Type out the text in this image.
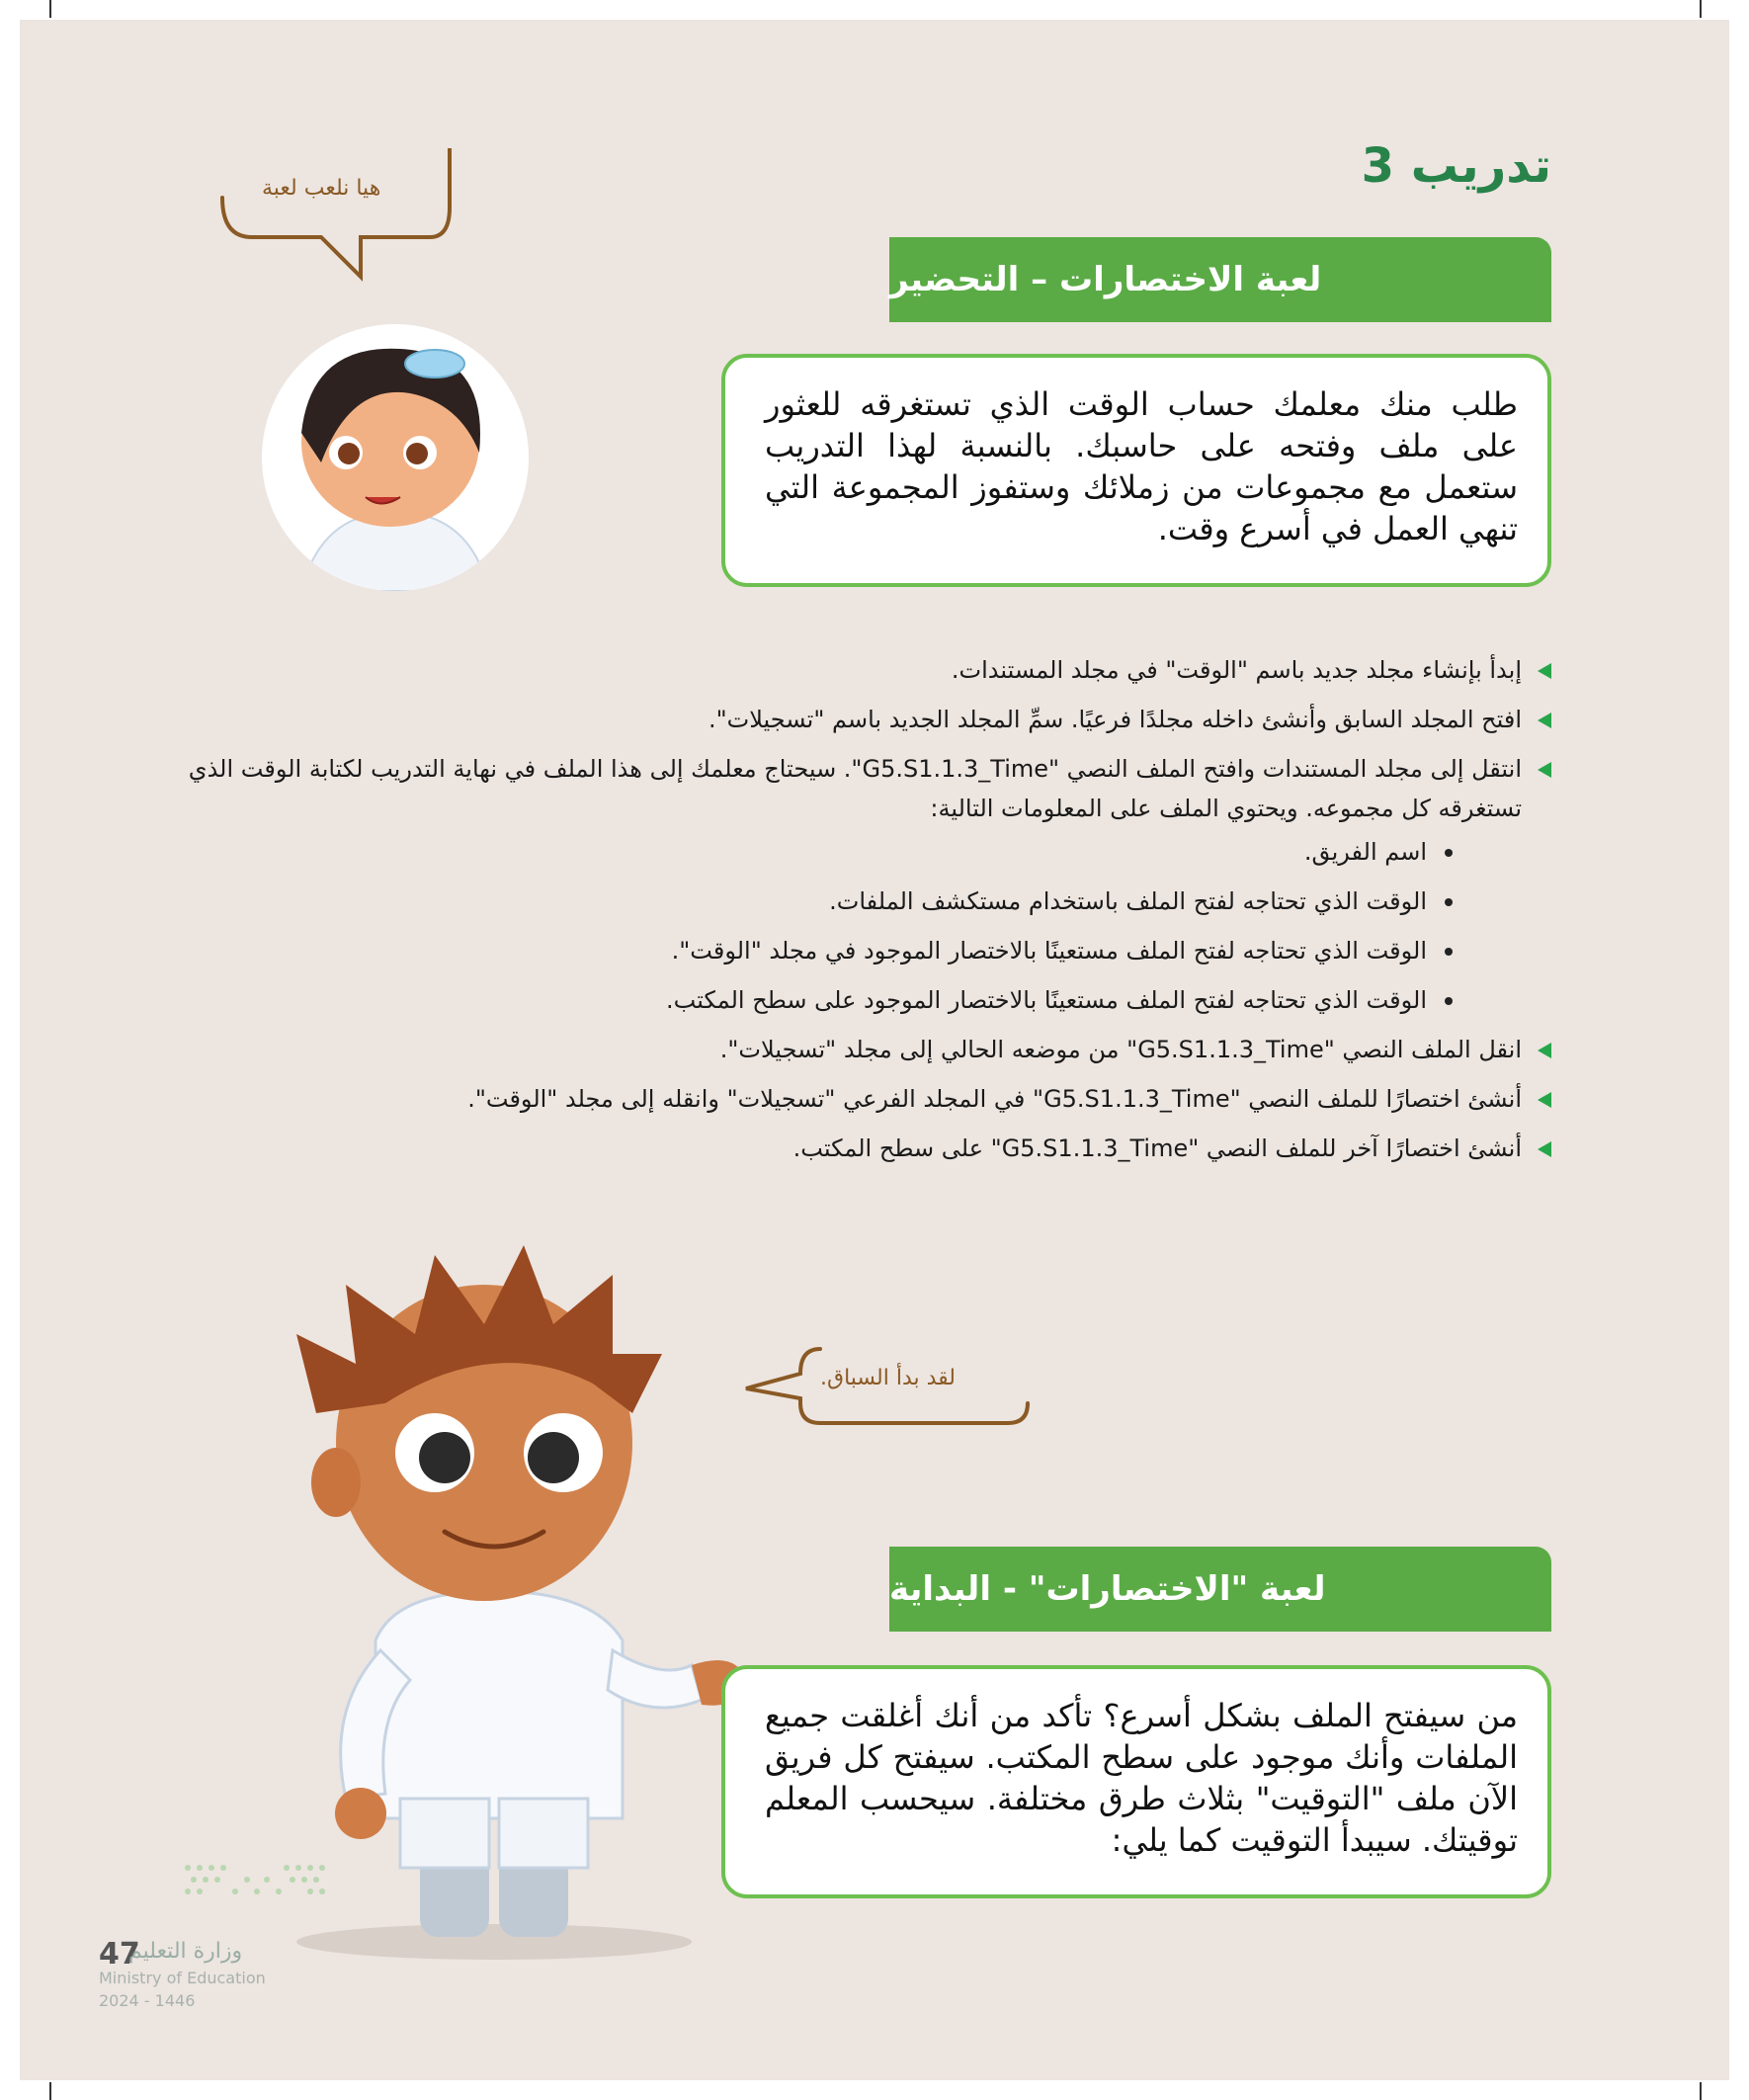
تدريب 3
هيا نلعب لعبة
لعبة الاختصارات – التحضير
طلب منك معلمك حساب الوقت الذي تستغرقه للعثور على ملف وفتحه على حاسبك. بالنسبة لهذا التدريب ستعمل مع مجموعات من زملائك وستفوز المجموعة التي تنهي العمل في أسرع وقت.
إبدأ بإنشاء مجلد جديد باسم "الوقت" في مجلد المستندات.
افتح المجلد السابق وأنشئ داخله مجلدًا فرعيًا. سمِّ المجلد الجديد باسم "تسجيلات".
انتقل إلى مجلد المستندات وافتح الملف النصي "G5.S1.1.3_Time". سيحتاج معلمك إلى هذا الملف في نهاية التدريب لكتابة الوقت الذي تستغرقه كل مجموعه. ويحتوي الملف على المعلومات التالية:
اسم الفريق.
الوقت الذي تحتاجه لفتح الملف باستخدام مستكشف الملفات.
الوقت الذي تحتاجه لفتح الملف مستعينًا بالاختصار الموجود في مجلد "الوقت".
الوقت الذي تحتاجه لفتح الملف مستعينًا بالاختصار الموجود على سطح المكتب.
انقل الملف النصي "G5.S1.1.3_Time" من موضعه الحالي إلى مجلد "تسجيلات".
أنشئ اختصارًا للملف النصي "G5.S1.1.3_Time" في المجلد الفرعي "تسجيلات" وانقله إلى مجلد "الوقت".
أنشئ اختصارًا آخر للملف النصي "G5.S1.1.3_Time" على سطح المكتب.
لقد بدأ السباق.
لعبة "الاختصارات" - البداية
من سيفتح الملف بشكل أسرع؟ تأكد من أنك أغلقت جميع الملفات وأنك موجود على سطح المكتب. سيفتح كل فريق الآن ملف "التوقيت" بثلاث طرق مختلفة. سيحسب المعلم توقيتك. سيبدأ التوقيت كما يلي:
47
وزارة التعليم
Ministry of Education
2024 - 1446
